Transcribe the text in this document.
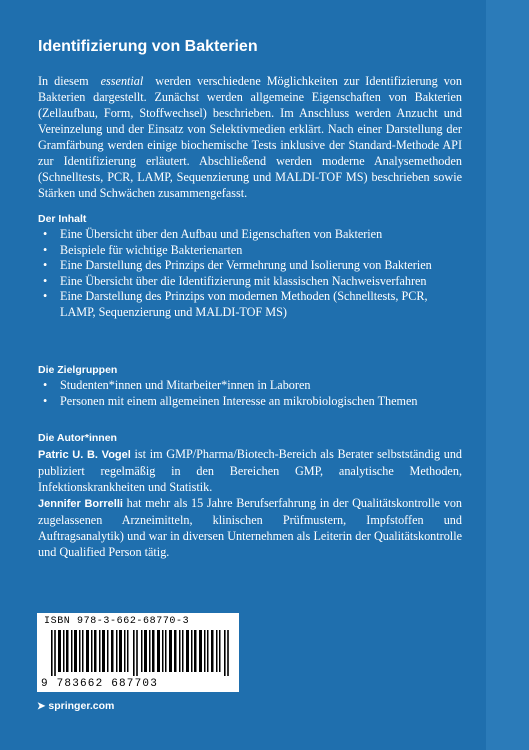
Identifizierung von Bakterien

In diesem essential werden verschiedene Möglichkeiten zur Identifizierung von Bakterien dargestellt. Zunächst werden allgemeine Eigenschaften von Bakterien (Zellaufbau, Form, Stoffwechsel) beschrieben. Im Anschluss werden Anzucht und Vereinzelung und der Einsatz von Selektivmedien erklärt. Nach einer Darstellung der Gramfärbung werden einige biochemische Tests inklusive der Standard-Methode API zur Identifizierung erläutert. Abschließend werden moderne Analysemethoden (Schnelltests, PCR, LAMP, Sequenzierung und MALDI-TOF MS) beschrieben sowie Stärken und Schwächen zusammengefasst.

Der Inhalt

• Eine Übersicht über den Aufbau und Eigenschaften von Bakterien
• Beispiele für wichtige Bakterienarten
• Eine Darstellung des Prinzips der Vermehrung und Isolierung von Bakterien
• Eine Übersicht über die Identifizierung mit klassischen Nachweisverfahren
• Eine Darstellung des Prinzips von modernen Methoden (Schnelltests, PCR, LAMP, Sequenzierung und MALDI-TOF MS)

Die Zielgruppen

• Studenten*innen und Mitarbeiter*innen in Laboren
• Personen mit einem allgemeinen Interesse an mikrobiologischen Themen

Die Autor*innen

Patric U. B. Vogel ist im GMP/Pharma/Biotech-Bereich als Berater selbstständig und publiziert regelmäßig in den Bereichen GMP, analytische Methoden, Infektionskrankheiten und Statistik.
Jennifer Borrelli hat mehr als 15 Jahre Berufserfahrung in der Qualitätskontrolle von zugelassenen Arzneimitteln, klinischen Prüfmustern, Impfstoffen und Auftragsanalytik) und war in diversen Unternehmen als Leiterin der Qualitätskontrolle und Qualified Person tätig.

ISBN 978-3-662-68770-3

9 783662 687703

➤ springer.com
